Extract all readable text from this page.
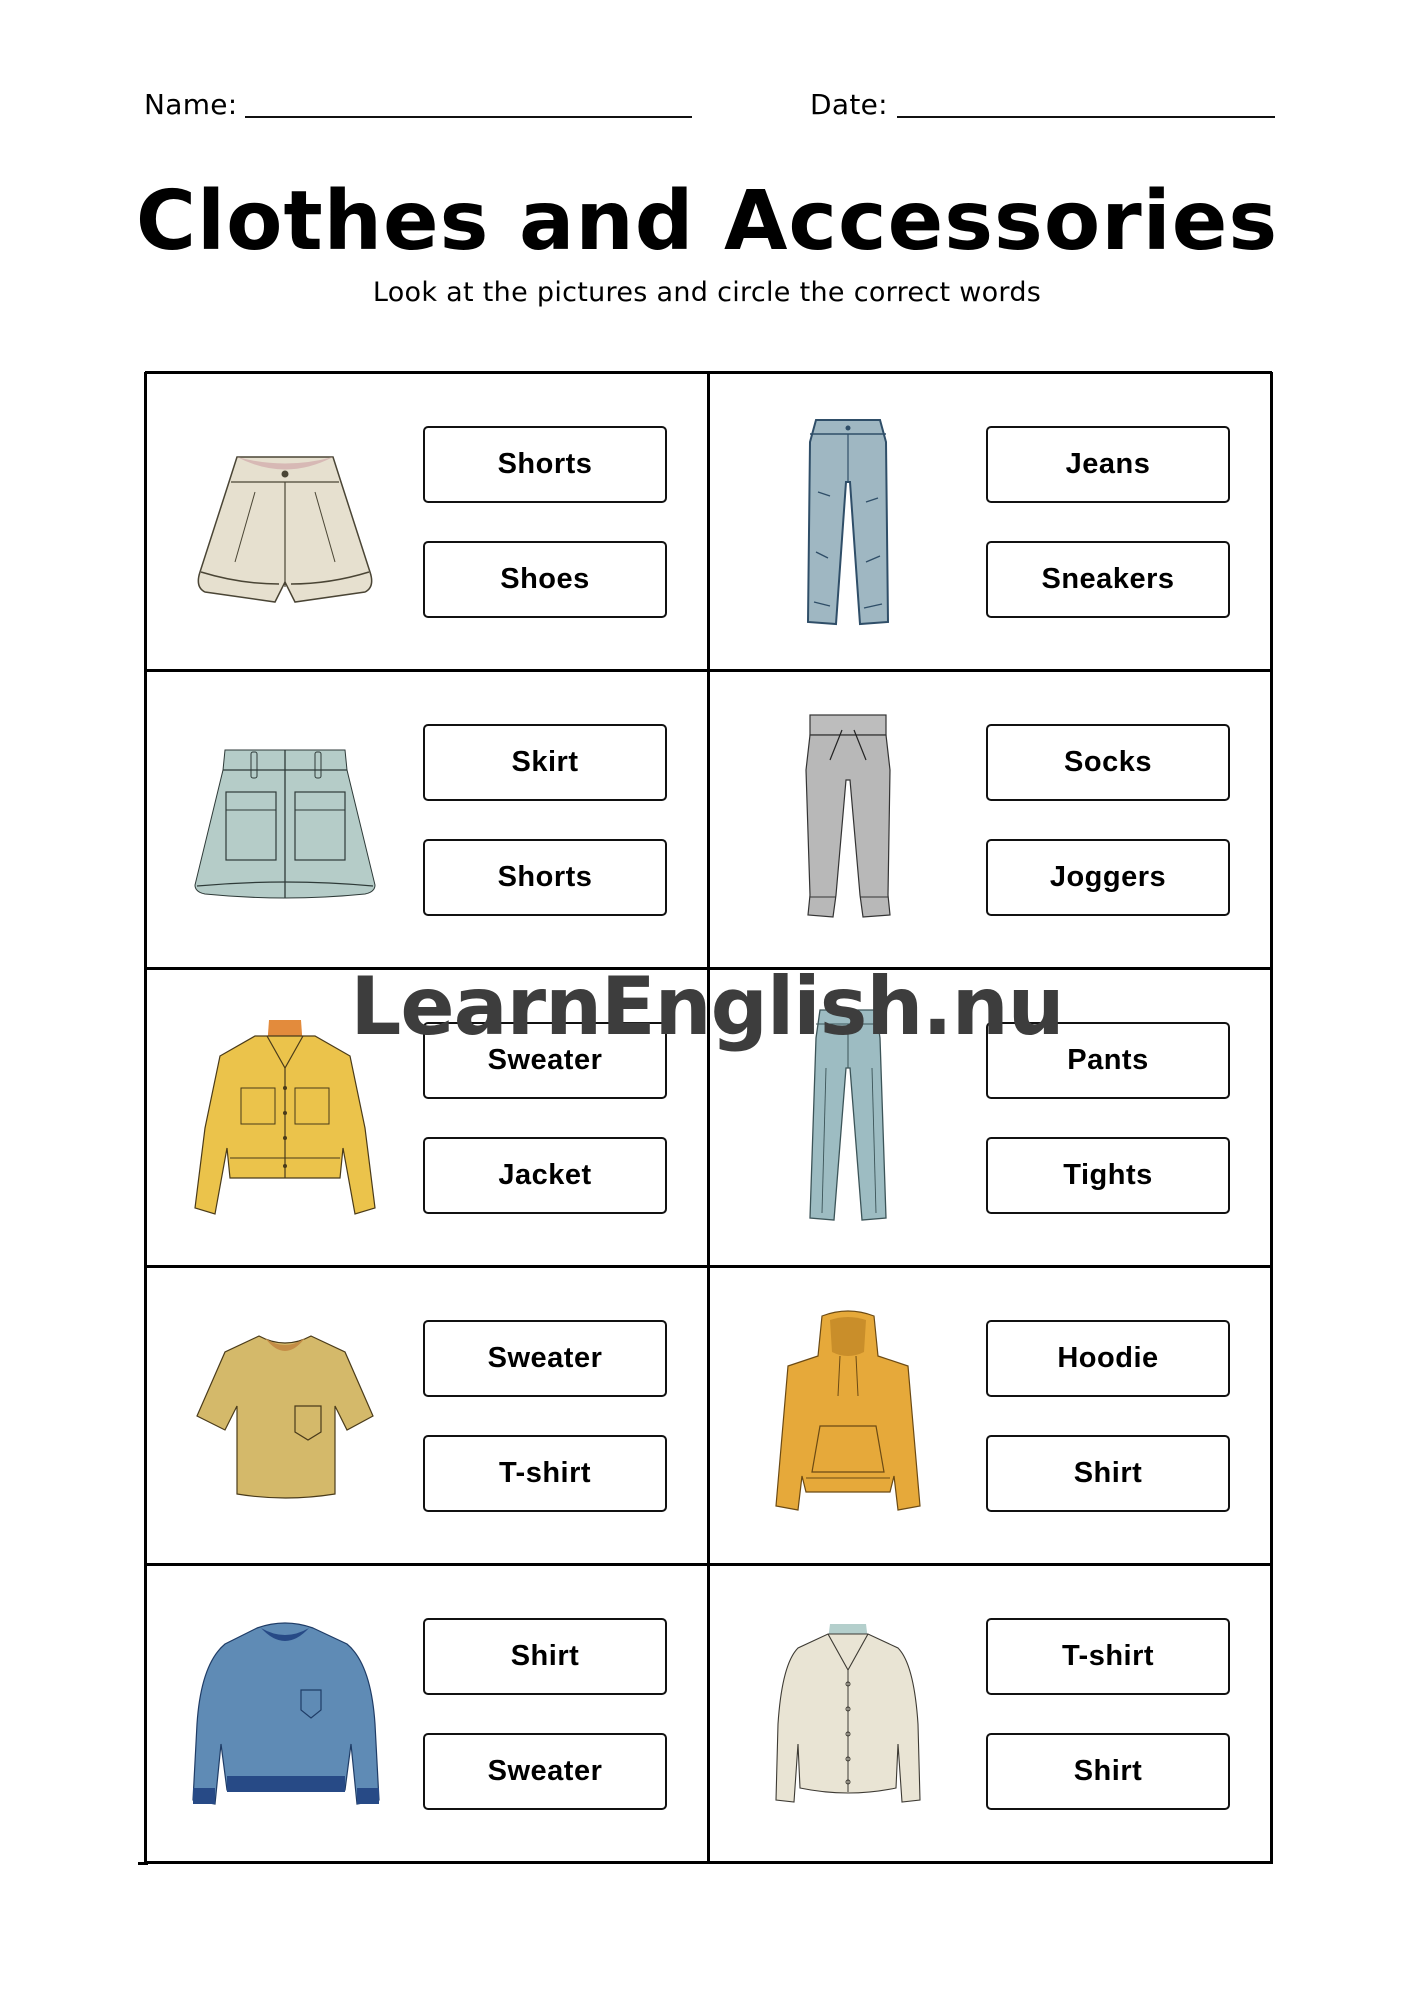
Name:	Date:
Clothes and Accessories
Look at the pictures and circle the correct words
Shorts
Shoes
Jeans
Sneakers
Skirt
Shorts
Socks
Joggers
Sweater
Jacket
Pants
Tights
Sweater
T-shirt
Hoodie
Shirt
Shirt
Sweater
T-shirt
Shirt
LearnEnglish.nu
